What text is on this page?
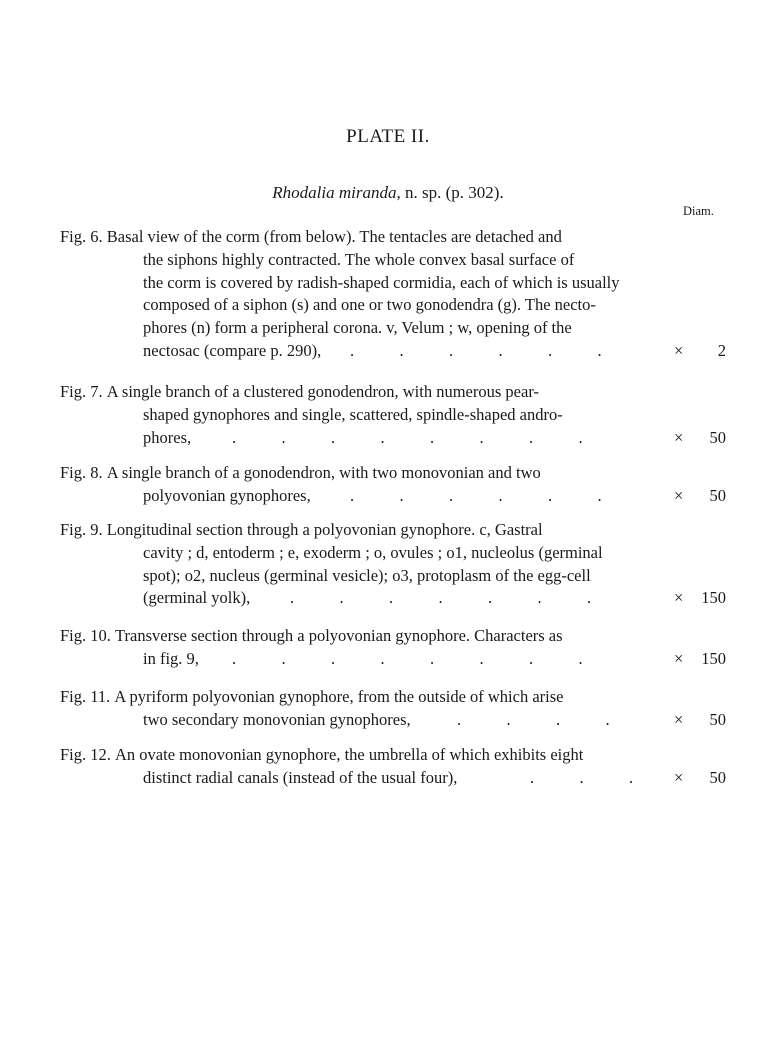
PLATE II.
Rhodalia miranda, n. sp. (p. 302).
Diam.
Fig. 6. Basal view of the corm (from below). The tentacles are detached and
the siphons highly contracted. The whole convex basal surface of
the corm is covered by radish-shaped cormidia, each of which is usually
composed of a siphon (s) and one or two gonodendra (g). The necto-
phores (n) form a peripheral corona. v, Velum ; w, opening of the
nectosac (compare p. 290), .           .           .           .           .           .	× 2
Fig. 7. A single branch of a clustered gonodendron, with numerous pear-
shaped gynophores and single, scattered, spindle-shaped andro-
phores, .           .           .           .           .           .           .           .	× 50
Fig. 8. A single branch of a gonodendron, with two monovonian and two
polyovonian gynophores, .           .           .           .           .           .	× 50
Fig. 9. Longitudinal section through a polyovonian gynophore. c, Gastral
cavity ; d, entoderm ; e, exoderm ; o, ovules ; o1, nucleolus (germinal
spot); o2, nucleus (germinal vesicle); o3, protoplasm of the egg-cell
(germinal yolk), .           .           .           .           .           .           .	× 150
Fig. 10. Transverse section through a polyovonian gynophore. Characters as
in fig. 9, .           .           .           .           .           .           .           .	× 150
Fig. 11. A pyriform polyovonian gynophore, from the outside of which arise
two secondary monovonian gynophores,	.           .           .           .	× 50
Fig. 12. An ovate monovonian gynophore, the umbrella of which exhibits eight
distinct radial canals (instead of the usual four),	.           .           . × 50
